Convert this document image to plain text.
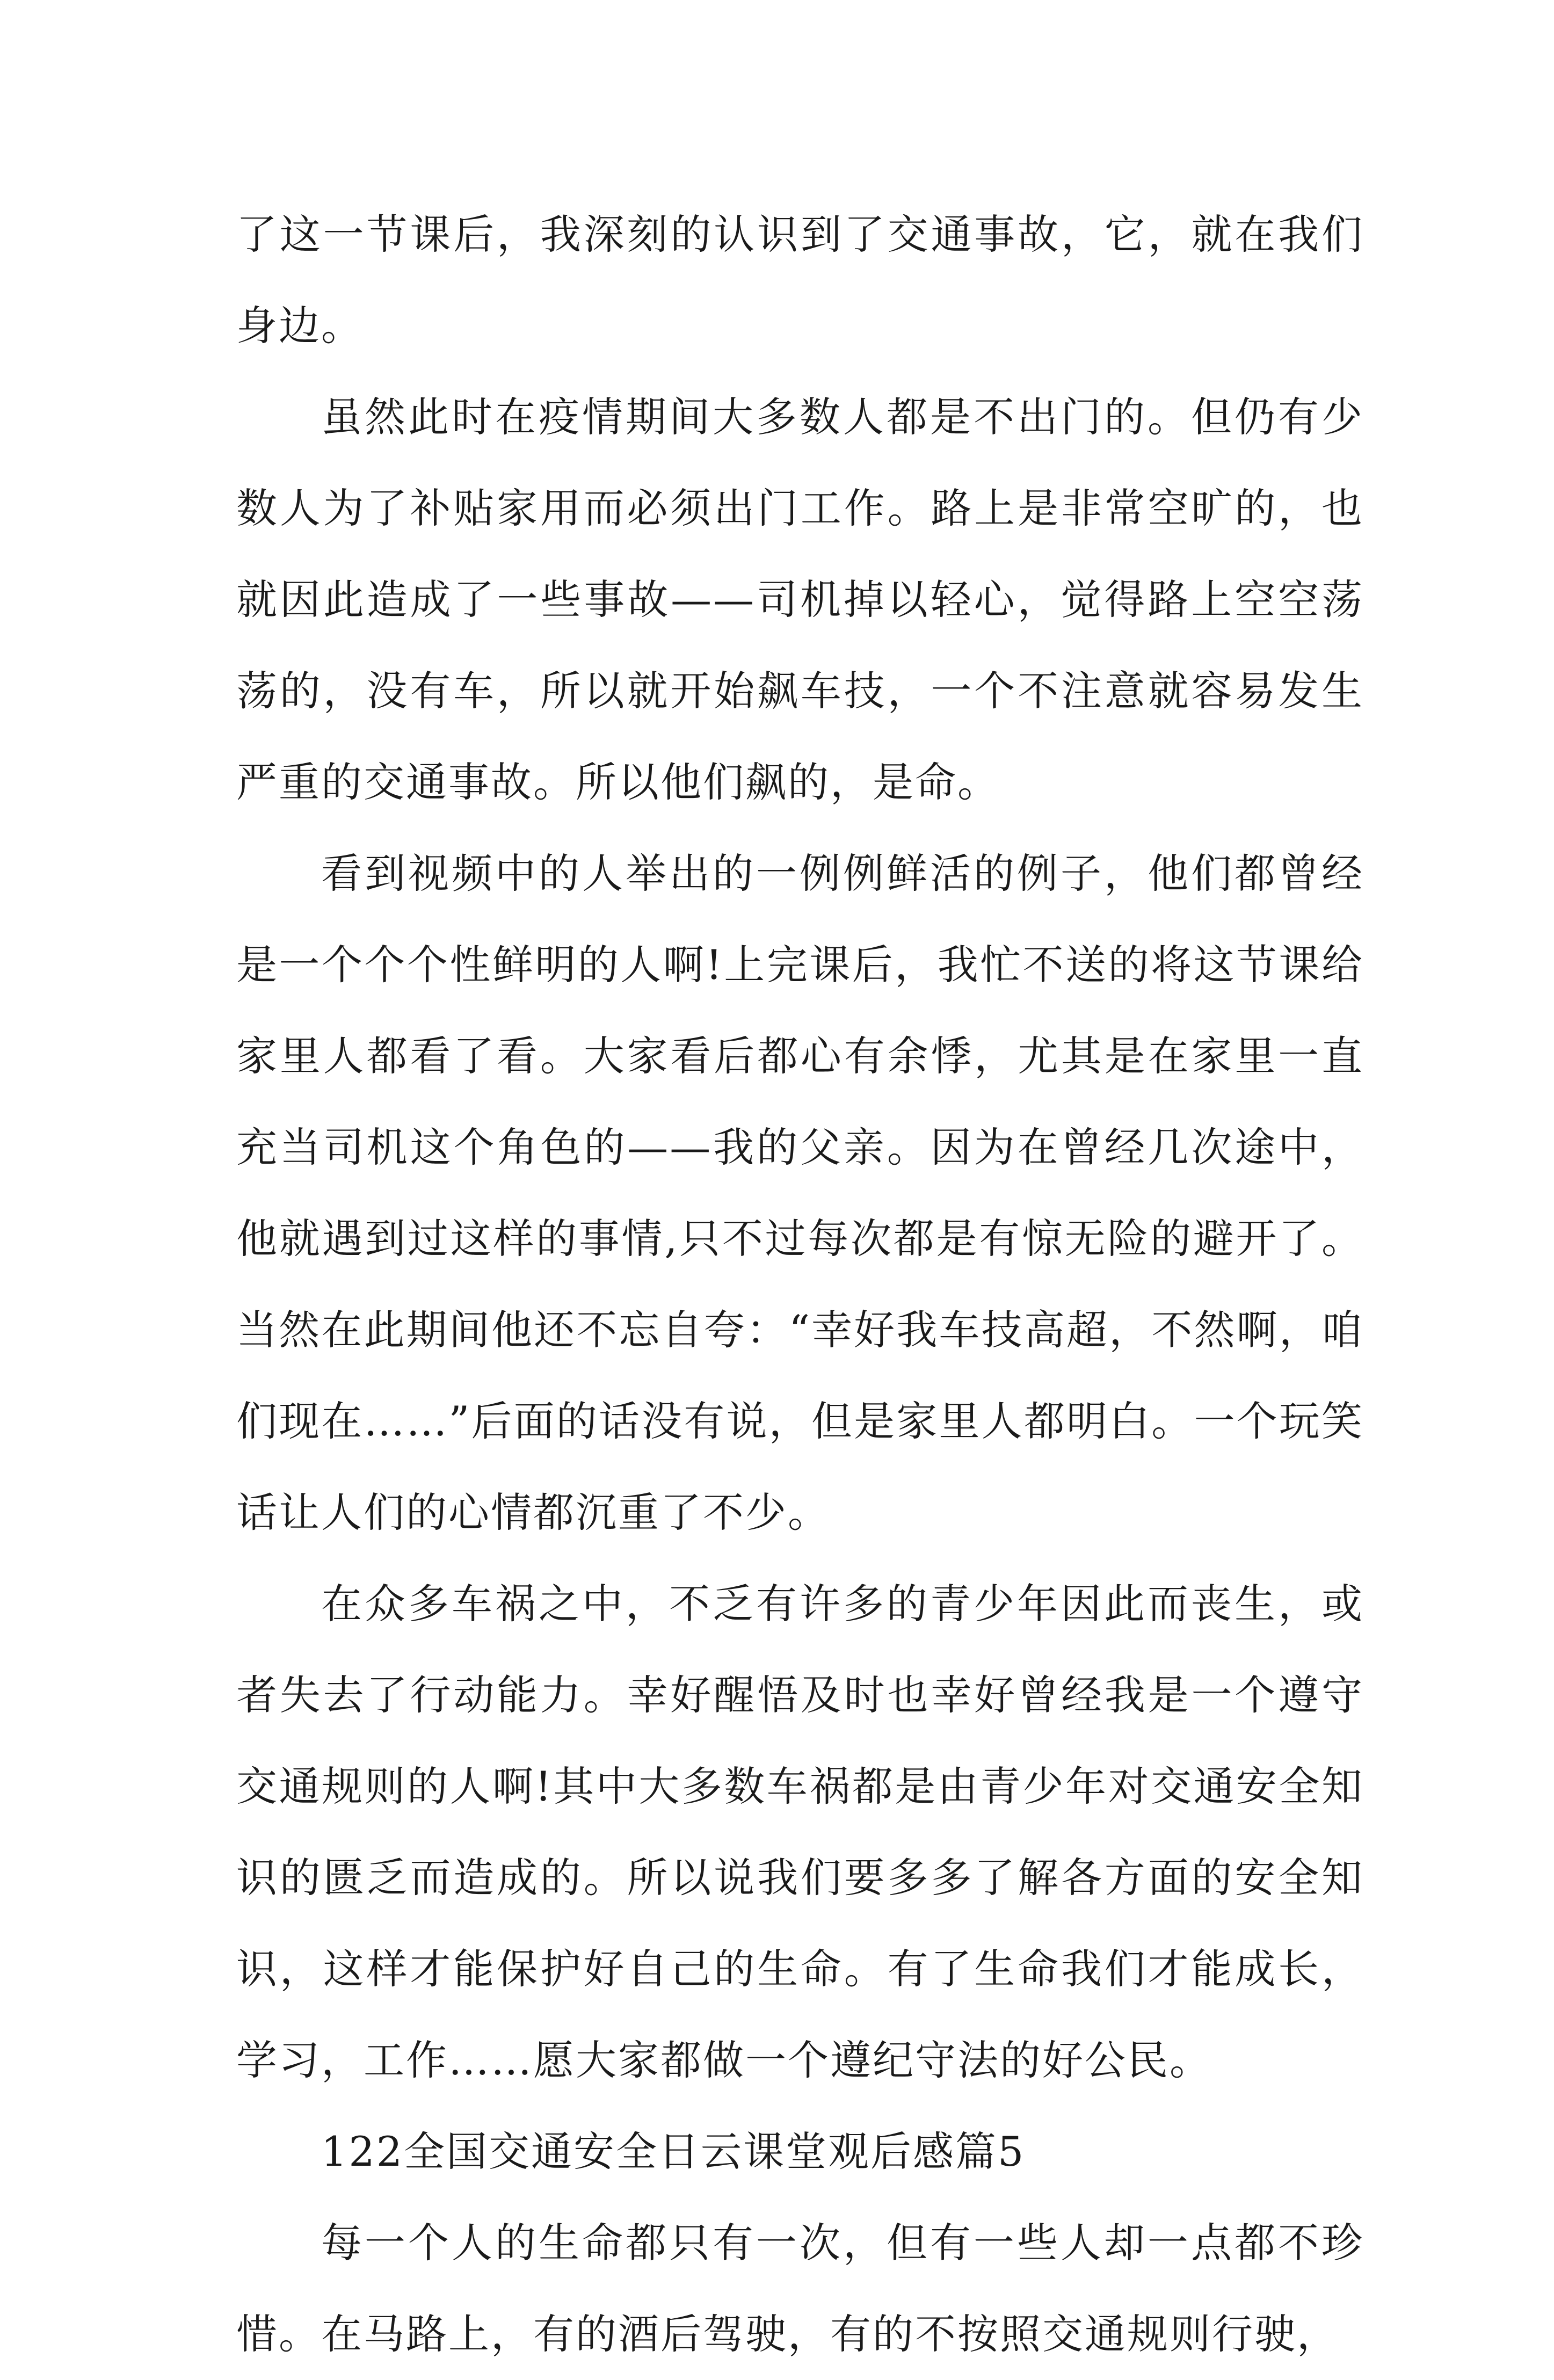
了这一节课后，我深刻的认识到了交通事故，它，就在我们身边。

虽然此时在疫情期间大多数人都是不出门的。但仍有少数人为了补贴家用而必须出门工作。路上是非常空旷的，也就因此造成了一些事故——司机掉以轻心，觉得路上空空荡荡的，没有车，所以就开始飙车技，一个不注意就容易发生严重的交通事故。所以他们飙的，是命。

看到视频中的人举出的一例例鲜活的例子，他们都曾经是一个个个性鲜明的人啊!上完课后，我忙不送的将这节课给家里人都看了看。大家看后都心有余悸，尤其是在家里一直充当司机这个角色的——我的父亲。因为在曾经几次途中，他就遇到过这样的事情,只不过每次都是有惊无险的避开了。当然在此期间他还不忘自夸：“幸好我车技高超，不然啊，咱们现在……”后面的话没有说，但是家里人都明白。一个玩笑话让人们的心情都沉重了不少。

在众多车祸之中，不乏有许多的青少年因此而丧生，或者失去了行动能力。幸好醒悟及时也幸好曾经我是一个遵守交通规则的人啊!其中大多数车祸都是由青少年对交通安全知识的匮乏而造成的。所以说我们要多多了解各方面的安全知识，这样才能保护好自己的生命。有了生命我们才能成长，学习，工作……愿大家都做一个遵纪守法的好公民。

122全国交通安全日云课堂观后感篇5

每一个人的生命都只有一次，但有一些人却一点都不珍惜。在马路上，有的酒后驾驶，有的不按照交通规则行驶，
